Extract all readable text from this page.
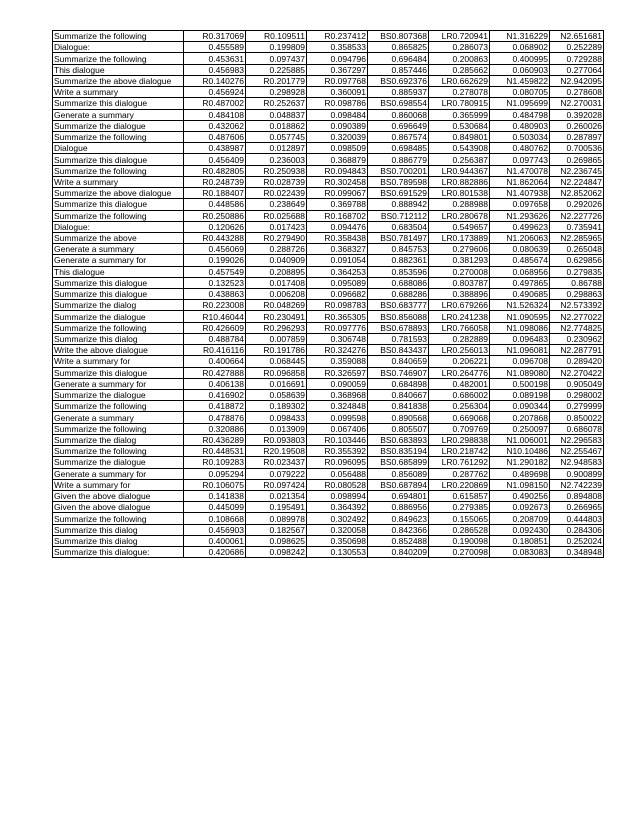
Summarize the following	R0.317069	R0.109511	R0.237412	BS0.807368	LR0.720941	N1.316229	N2.651681
Dialogue:	0.455589	0.199809	0.358533	0.865825	0.286073	0.068902	0.252289
Summarize the following	0.453631	0.097437	0.094796	0.696484	0.200863	0.400995	0.729288
This dialogue	0.456983	0.225885	0.367297	0.857446	0.285662	0.060903	0.277064
Summarize the above dialogue	R0.140276	R0.201779	R0.097768	BS0.692376	LR0.662629	N1.459822	N2.942095
Write a summary	0.456924	0.298928	0.360091	0.885937	0.278078	0.080705	0.278608
Summarize this dialogue	R0.487002	R0.252637	R0.098786	BS0.698554	LR0.780915	N1.095699	N2.270031
Generate a summary	0.484108	0.048837	0.098484	0.860068	0.365999	0.484798	0.392028
Summarize the dialogue	0.432062	0.018862	0.090389	0.696649	0.530684	0.480903	0.260026
Summarize the following	0.487606	0.057745	0.320039	0.867574	0.849801	0.503034	0.287897
Dialogue	0.438987	0.012897	0.098509	0.698485	0.543908	0.480762	0.700536
Summarize this dialogue	0.456409	0.236003	0.368879	0.886779	0.256387	0.097743	0.269865
Summarize the following	R0.482805	R0.250938	R0.094843	BS0.700201	LR0.944367	N1.470078	N2.236745
Write a summary	R0.248739	R0.028739	R0.302458	BS0.789598	LR0.882886	N1.862064	N2.224847
Summarize the above dialogue	R0.188407	R0.022439	R0.099067	BS0.691529	LR0.801538	N1.407938	N2.852062
Summarize this dialogue	0.448586	0.238649	0.369788	0.888942	0.288988	0.097658	0.292026
Summarize the following	R0.250886	R0.025688	R0.168702	BS0.712112	LR0.280678	N1.293626	N2.227726
Dialogue:	0.120626	0.017423	0.094476	0.683504	0.549657	0.499623	0.735941
Summarize the above	R0.443288	R0.279490	R0.358438	BS0.781497	LR0.173889	N1.206063	N2.285965
Generate a summary	0.456069	0.288726	0.368327	0.845753	0.279606	0.080639	0.265048
Generate a summary for	0.199026	0.040909	0.091054	0.882361	0.381293	0.485674	0.629856
This dialogue	0.457549	0.208895	0.364253	0.853596	0.270008	0.068956	0.279835
Summarize this dialogue	0.132523	0.017408	0.095089	0.688086	0.803787	0.497865	0.86788
Summarize this dialogue	0.438863	0.006208	0.096682	0.688286	0.388896	0.490685	0.298863
Summarize the dialog	R0.223008	R0.048269	R0.098783	BS0.683777	LR0.679266	N1.526324	N2.573392
Summarize the dialogue	R10.46044	R0.230491	R0.365305	BS0.856088	LR0.241238	N1.090595	N2.277022
Summarize the following	R0.426609	R0.296293	R0.097776	BS0.678893	LR0.766058	N1.098086	N2.774825
Summarize this dialog	0.488784	0.007859	0.306748	0.781593	0.282889	0.096483	0.230962
Write the above dialogue	R0.416116	R0.191786	R0.324276	BS0.843437	LR0.256013	N1.096081	N2.287791
Write a summary for	0.400664	0.068445	0.359088	0.840659	0.206221	0.096708	0.289420
Summarize this dialogue	R0.427888	R0.096858	R0.326597	BS0.746907	LR0.264776	N1.089080	N2.270422
Generate a summary for	0.406138	0.016691	0.090059	0.684898	0.482001	0.500198	0.905049
Summarize the dialogue	0.416902	0.058639	0.368968	0.840667	0.686002	0.089198	0.298002
Summarize the following	0.418872	0.189302	0.324848	0.841838	0.256304	0.090344	0.279999
Generate a summary	0.478876	0.098433	0.099598	0.890568	0.669068	0.207868	0.850022
Summarize the following	0.320886	0.013909	0.067406	0.805507	0.709769	0.250097	0.686078
Summarize the dialog	R0.436289	R0.093803	R0.103446	BS0.683893	LR0.298838	N1.006001	N2.296583
Summarize the following	R0.448531	R20.19508	R0.355392	BS0.835194	LR0.218742	N10.10486	N2.255467
Summarize the dialogue	R0.109283	R0.023437	R0.096095	BS0.685899	LR0.761292	N1.290182	N2.948583
Generate a summary for	0.095294	0.079222	0.056488	0.856089	0.287762	0.489698	0.900899
Write a summary for	R0.106075	R0.097424	R0.080528	BS0.687894	LR0.220869	N1.098150	N2.742239
Given the above dialogue	0.141838	0.021354	0.098994	0.694801	0.615857	0.490256	0.894808
Given the above dialogue	0.445099	0.195491	0.364392	0.886956	0.279385	0.092673	0.266965
Summarize the following	0.108668	0.089978	0.302492	0.849623	0.155065	0.208709	0.444803
Summarize this dialog	0.456903	0.182567	0.320058	0.842366	0.286528	0.092430	0.284306
Summarize this dialog	0.400061	0.098625	0.350698	0.852488	0.190098	0.180851	0.252024
Summarize this dialogue:	0.420686	0.098242	0.130553	0.840209	0.270098	0.083083	0.348948
